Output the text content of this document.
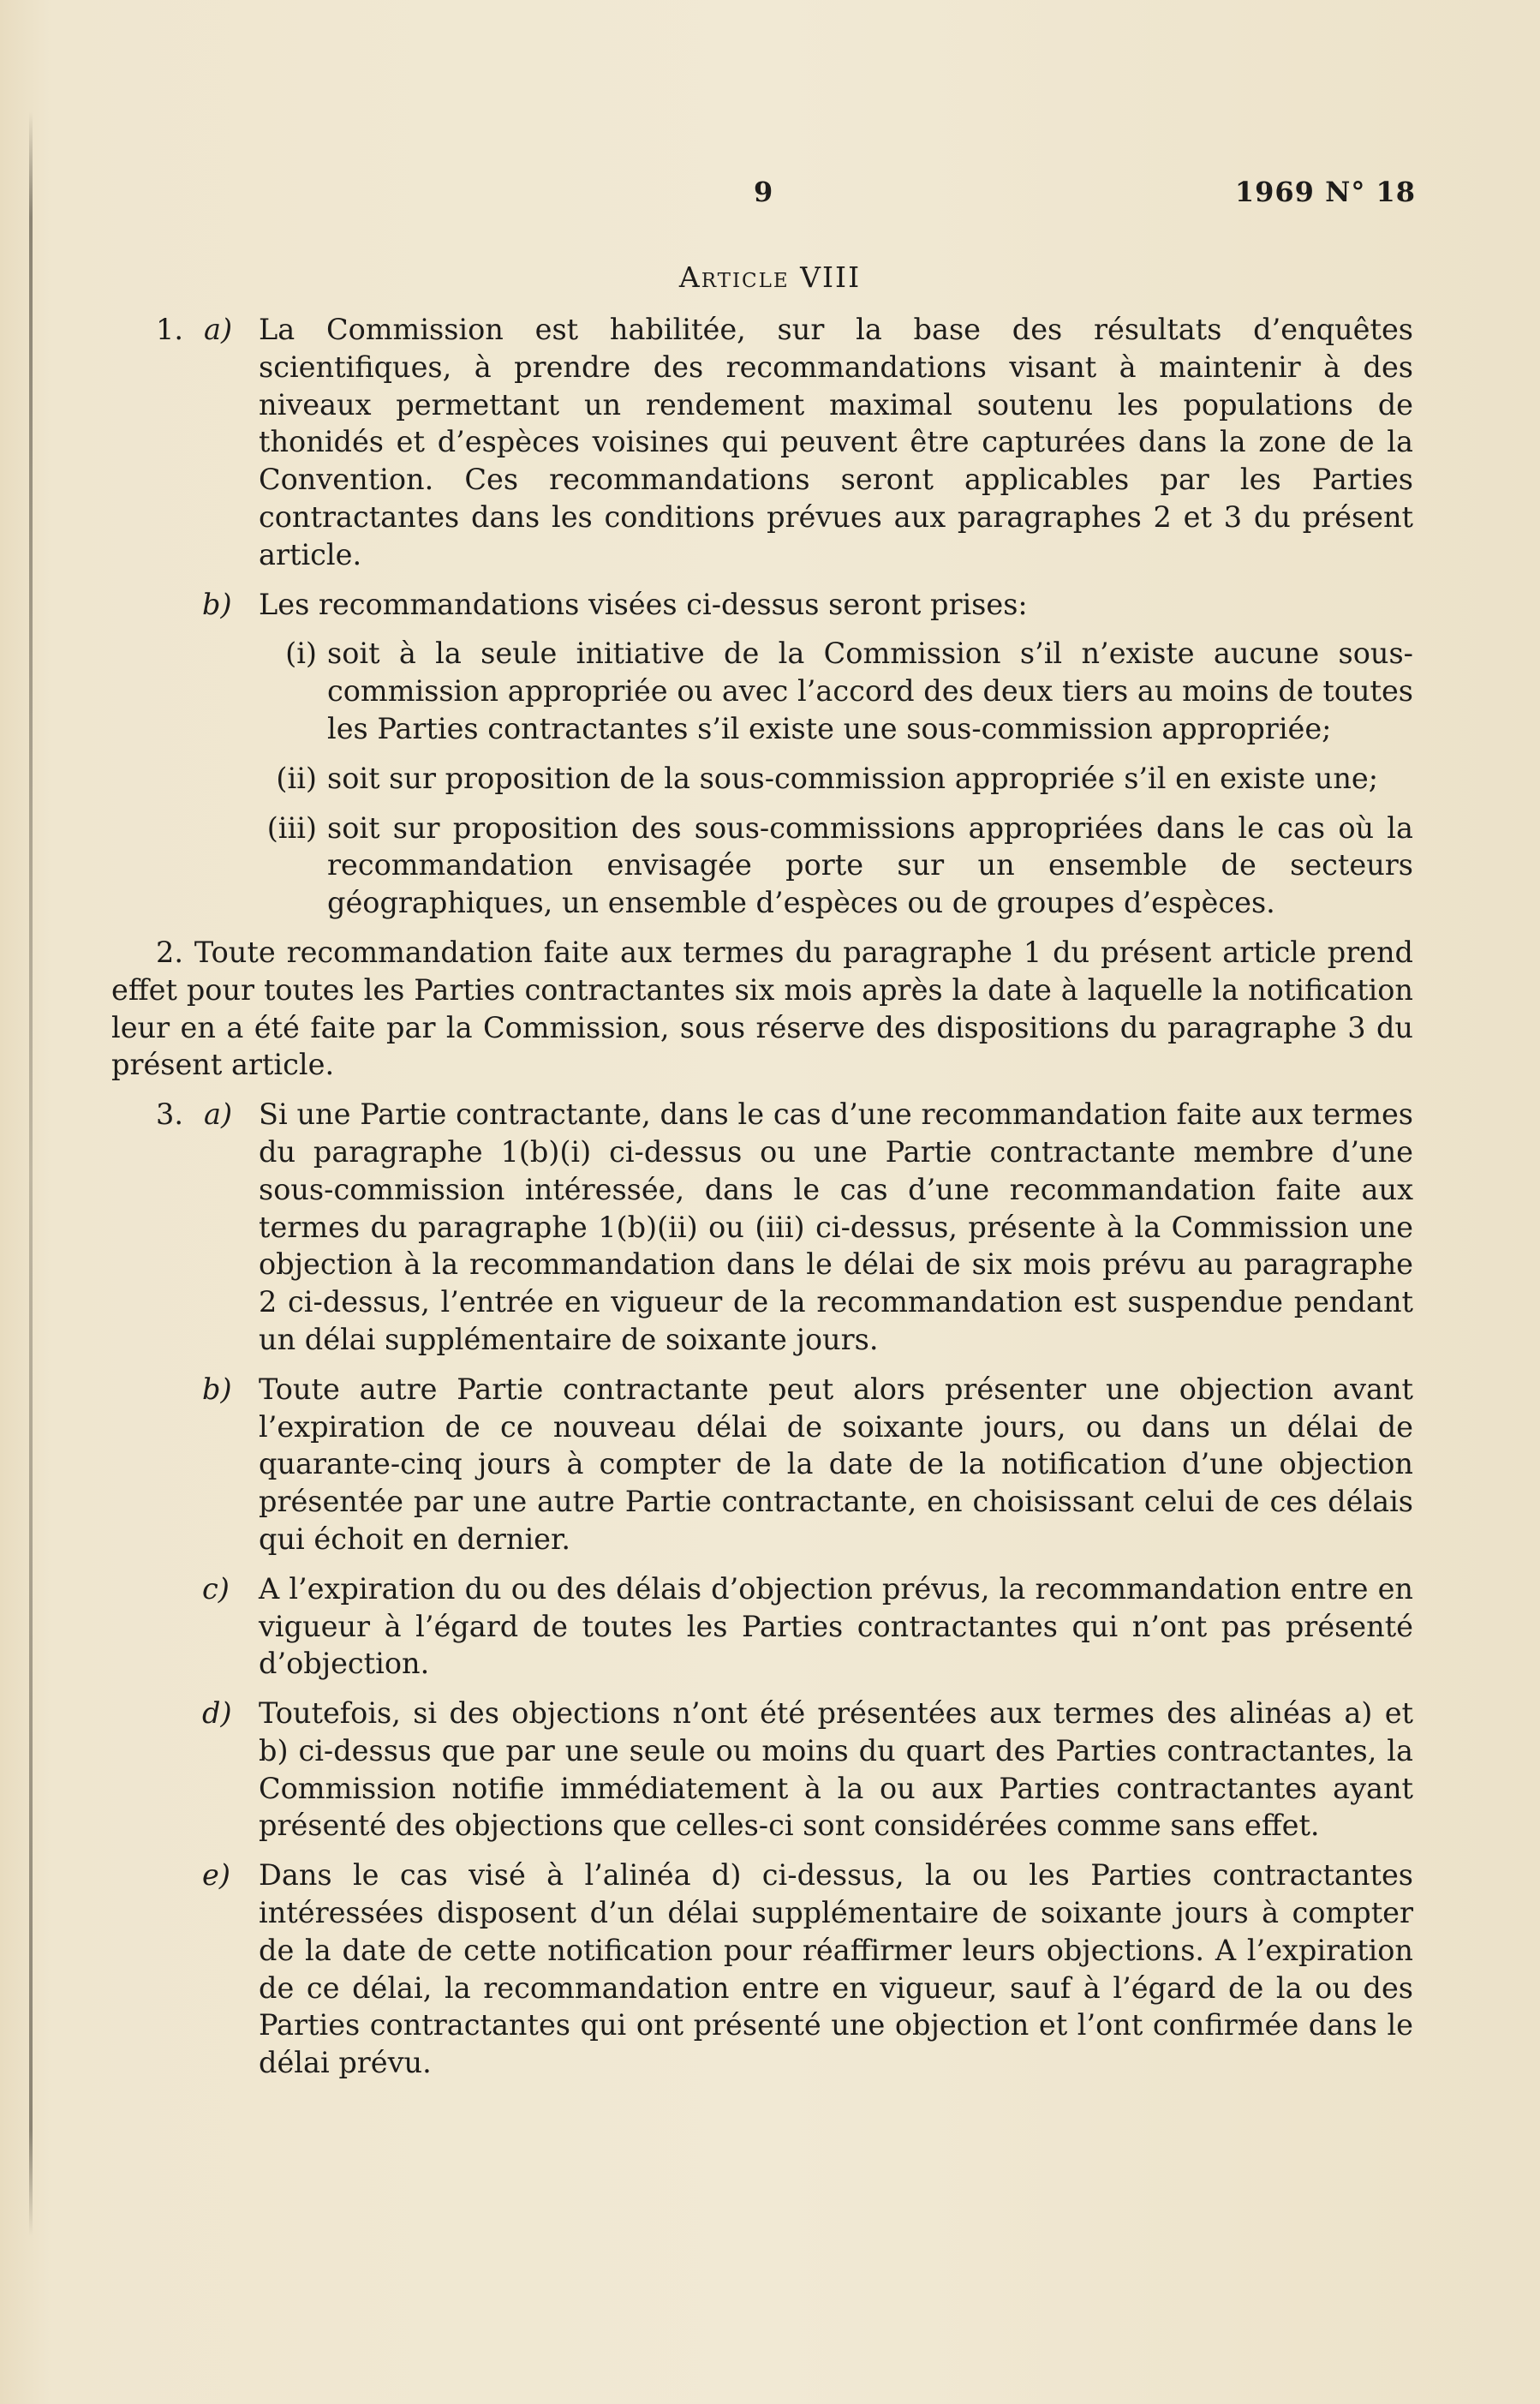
9	1969 N° 18
Article VIII
1. a) La Commission est habilitée, sur la base des résultats d’enquêtes scientifiques, à prendre des recommandations visant à maintenir à des niveaux permettant un rendement maximal soutenu les populations de thonidés et d’espèces voisines qui peuvent être capturées dans la zone de la Convention. Ces recommandations seront applicables par les Parties contractantes dans les conditions prévues aux paragraphes 2 et 3 du présent article.

b) Les recommandations visées ci-dessus seront prises:

(i) soit à la seule initiative de la Commission s’il n’existe aucune sous-commission appropriée ou avec l’accord des deux tiers au moins de toutes les Parties contractantes s’il existe une sous-commission appropriée;

(ii) soit sur proposition de la sous-commission appropriée s’il en existe une;

(iii) soit sur proposition des sous-commissions appropriées dans le cas où la recommandation envisagée porte sur un ensemble de secteurs géographiques, un ensemble d’espèces ou de groupes d’espèces.

2. Toute recommandation faite aux termes du paragraphe 1 du présent article prend effet pour toutes les Parties contractantes six mois après la date à laquelle la notification leur en a été faite par la Commission, sous réserve des dispositions du paragraphe 3 du présent article.

3. a) Si une Partie contractante, dans le cas d’une recommandation faite aux termes du paragraphe 1(b)(i) ci-dessus ou une Partie contractante membre d’une sous-commission intéressée, dans le cas d’une recommandation faite aux termes du paragraphe 1(b)(ii) ou (iii) ci-dessus, présente à la Commission une objection à la recommandation dans le délai de six mois prévu au paragraphe 2 ci-dessus, l’entrée en vigueur de la recommandation est suspendue pendant un délai supplémentaire de soixante jours.

b) Toute autre Partie contractante peut alors présenter une objection avant l’expiration de ce nouveau délai de soixante jours, ou dans un délai de quarante-cinq jours à compter de la date de la notification d’une objection présentée par une autre Partie contractante, en choisissant celui de ces délais qui échoit en dernier.

c) A l’expiration du ou des délais d’objection prévus, la recommandation entre en vigueur à l’égard de toutes les Parties contractantes qui n’ont pas présenté d’objection.

d) Toutefois, si des objections n’ont été présentées aux termes des alinéas a) et b) ci-dessus que par une seule ou moins du quart des Parties contractantes, la Commission notifie immédiatement à la ou aux Parties contractantes ayant présenté des objections que celles-ci sont considérées comme sans effet.

e) Dans le cas visé à l’alinéa d) ci-dessus, la ou les Parties contractantes intéressées disposent d’un délai supplémentaire de soixante jours à compter de la date de cette notification pour réaffirmer leurs objections. A l’expiration de ce délai, la recommandation entre en vigueur, sauf à l’égard de la ou des Parties contractantes qui ont présenté une objection et l’ont confirmée dans le délai prévu.
